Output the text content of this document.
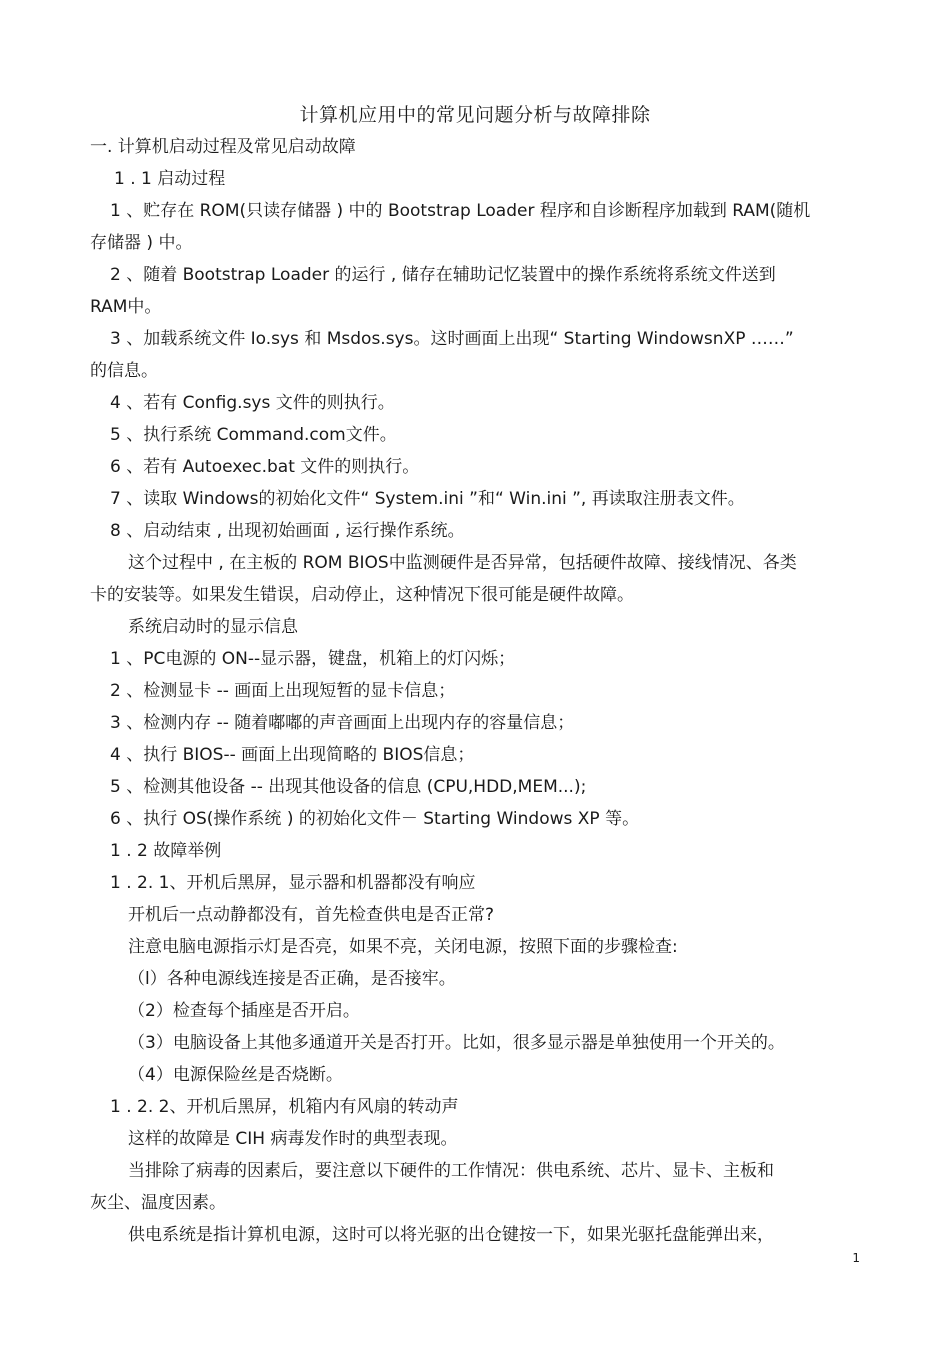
计算机应用中的常见问题分析与故障排除
一. 计算机启动过程及常见启动故障
1 . 1 启动过程
1 、贮存在 ROM(只读存储器 ) 中的 Bootstrap Loader 程序和自诊断程序加载到 RAM(随机
存储器 ) 中。
2 、随着 Bootstrap Loader 的运行 , 储存在辅助记忆装置中的操作系统将系统文件送到
RAM中。
3 、加载系统文件 Io.sys 和 Msdos.sys。这时画面上出现“ Starting WindowsnXP ……”
的信息。
4 、若有 Config.sys 文件的则执行。
5 、执行系统 Command.com文件。
6 、若有 Autoexec.bat 文件的则执行。
7 、读取 Windows的初始化文件“ System.ini ”和“ Win.ini ”, 再读取注册表文件。
8 、启动结束 , 出现初始画面 , 运行操作系统。
这个过程中 , 在主板的 ROM BIOS中监测硬件是否异常，包括硬件故障、接线情况、各类
卡的安装等。如果发生错误，启动停止，这种情况下很可能是硬件故障。
系统启动时的显示信息
1 、PC电源的 ON--显示器，键盘，机箱上的灯闪烁；
2 、检测显卡 -- 画面上出现短暂的显卡信息；
3 、检测内存 -- 随着嘟嘟的声音画面上出现内存的容量信息；
4 、执行 BIOS-- 画面上出现简略的 BIOS信息；
5 、检测其他设备 -- 出现其他设备的信息 (CPU,HDD,MEM...);
6 、执行 OS(操作系统 ) 的初始化文件－ Starting Windows XP 等。
1 . 2 故障举例
1 . 2. 1、开机后黑屏，显示器和机器都没有响应
开机后一点动静都没有，首先检查供电是否正常?
注意电脑电源指示灯是否亮，如果不亮，关闭电源，按照下面的步骤检查:
（l）各种电源线连接是否正确，是否接牢。
（2）检查每个插座是否开启。
（3）电脑设备上其他多通道开关是否打开。比如，很多显示器是单独使用一个开关的。
（4）电源保险丝是否烧断。
1 . 2. 2、开机后黑屏，机箱内有风扇的转动声
这样的故障是 CIH 病毒发作时的典型表现。
当排除了病毒的因素后，要注意以下硬件的工作情况：供电系统、芯片、显卡、主板和
灰尘、温度因素。
供电系统是指计算机电源，这时可以将光驱的出仓键按一下，如果光驱托盘能弹出来，
1
